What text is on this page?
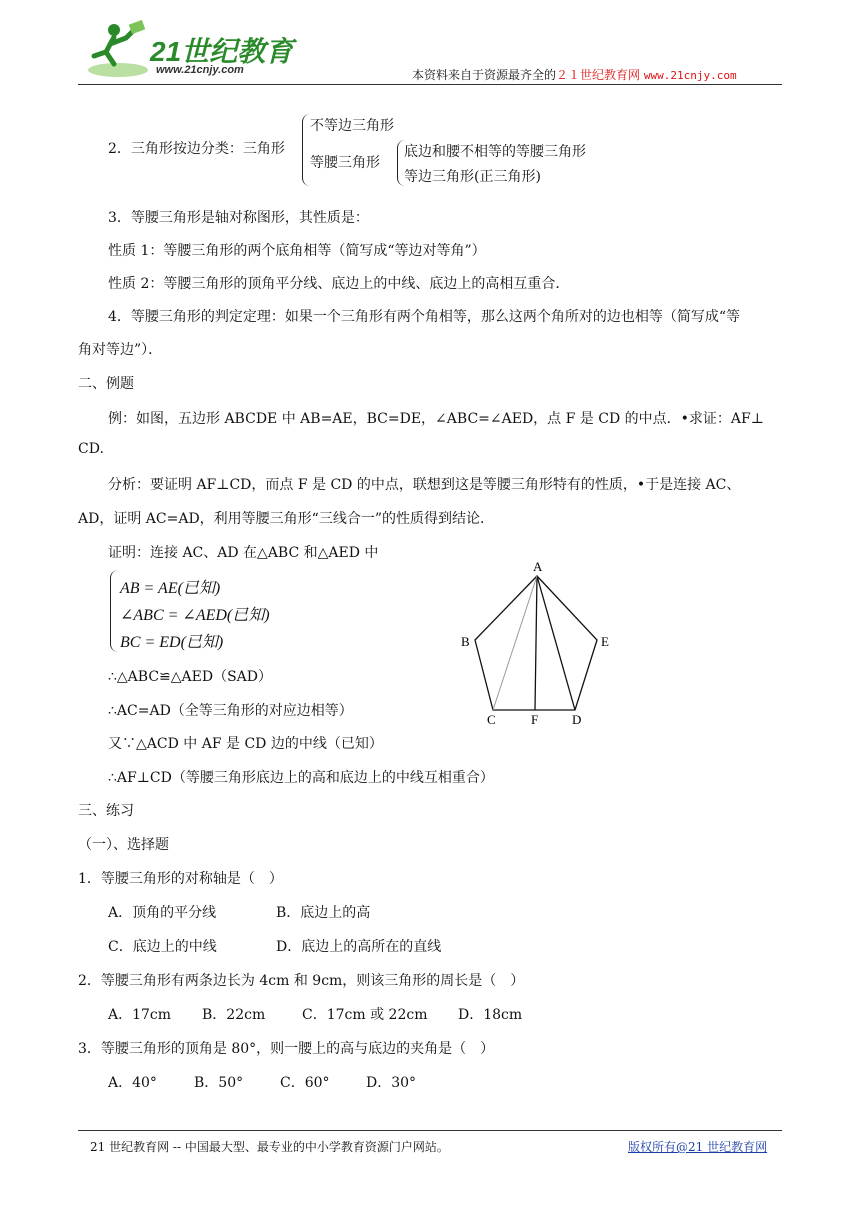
21世纪教育
www.21cnjy.com	本资料来自于资源最齐全的２１世纪教育网 www.21cnjy.com
2．三角形按边分类：三角形
不等边三角形
等腰三角形
底边和腰不相等的等腰三角形
等边三角形(正三角形)
3．等腰三角形是轴对称图形，其性质是：
性质 1：等腰三角形的两个底角相等（简写成“等边对等角”）
性质 2：等腰三角形的顶角平分线、底边上的中线、底边上的高相互重合．
4．等腰三角形的判定定理：如果一个三角形有两个角相等，那么这两个角所对的边也相等（简写成“等
角对等边”）．
二、例题
例：如图，五边形 ABCDE 中 AB=AE，BC=DE，∠ABC=∠AED，点 F 是 CD 的中点．•求证：AF⊥
CD.
分析：要证明 AF⊥CD，而点 F 是 CD 的中点，联想到这是等腰三角形特有的性质，•于是连接 AC、
AD，证明 AC=AD，利用等腰三角形“三线合一”的性质得到结论．
证明：连接 AC、AD 在△ABC 和△AED 中
AB = AE(已知)
∠ABC = ∠AED(已知)
BC = ED(已知)
∴△ABC≌△AED（SAD）
∴AC=AD（全等三角形的对应边相等）
又∵△ACD 中 AF 是 CD 边的中线（已知）
∴AF⊥CD（等腰三角形底边上的高和底边上的中线互相重合）
A
B	E
C	F	D
三、练习
（一）、选择题
1．等腰三角形的对称轴是（　）
A．顶角的平分线	B．底边上的高
C．底边上的中线	D．底边上的高所在的直线
2．等腰三角形有两条边长为 4cm 和 9cm，则该三角形的周长是（　）
A．17cm B．22cm	C．17cm 或 22cm D．18cm
3．等腰三角形的顶角是 80°，则一腰上的高与底边的夹角是（　）
A．40°	B．50°	C．60°	D．30°
21 世纪教育网 -- 中国最大型、最专业的中小学教育资源门户网站。	版权所有@21 世纪教育网
